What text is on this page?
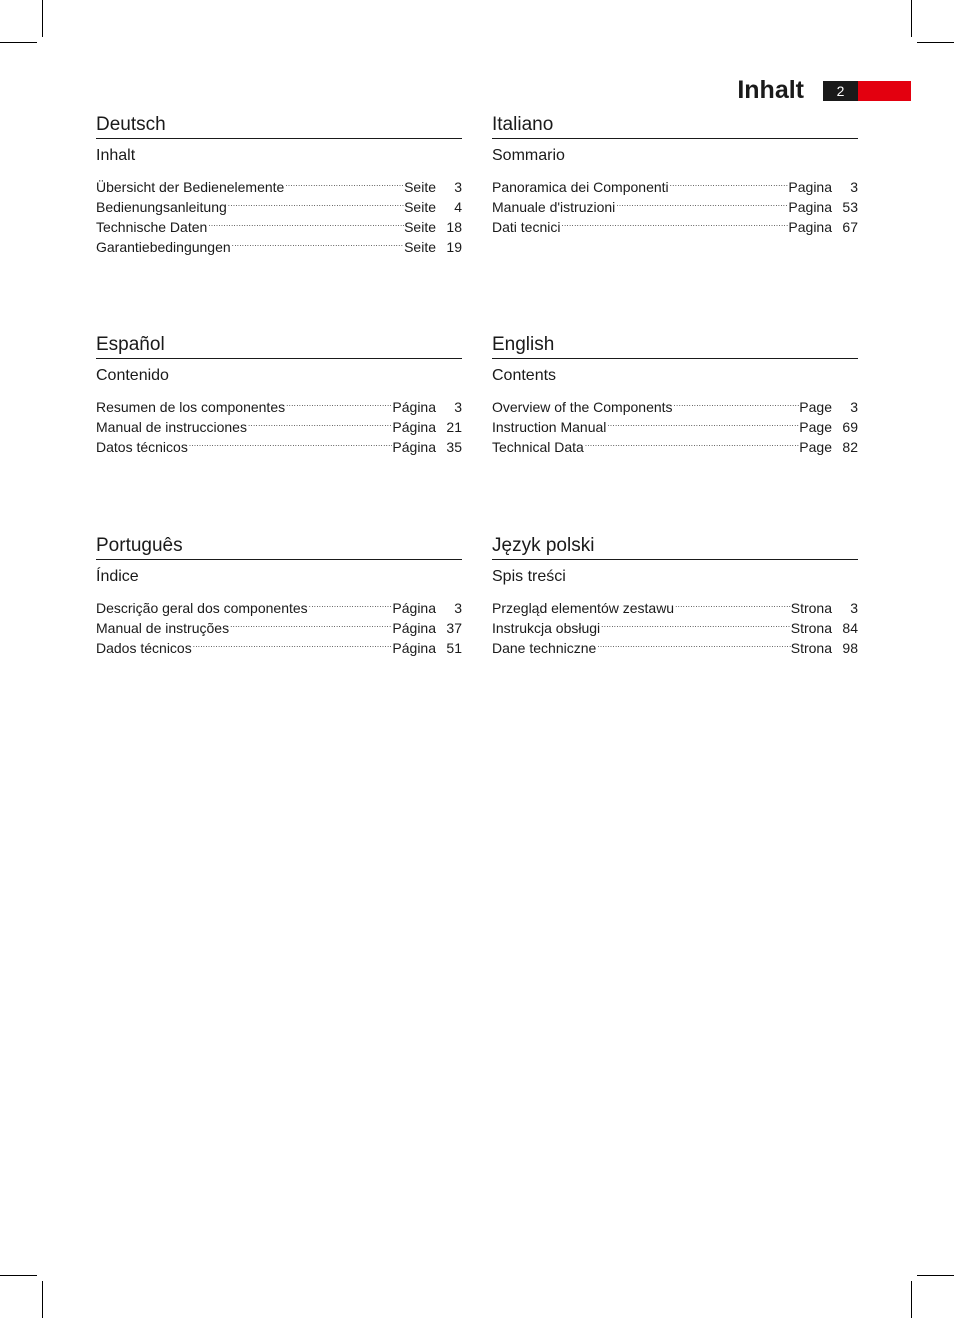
Inhalt	2
Deutsch
Inhalt
Übersicht der Bedienelemente .....	Seite	3
Bedienungsanleitung .....	Seite	4
Technische Daten .....	Seite 18
Garantiebedingungen .....	Seite 19
Italiano
Sommario
Panoramica dei Componenti .....	Pagina	3
Manuale d'istruzioni .....	Pagina 53
Dati tecnici .....	Pagina 67
Español
Contenido
Resumen de los componentes .....	Página	3
Manual de instrucciones .....	Página 21
Datos técnicos .....	Página 35
English
Contents
Overview of the Components .....	Page	3
Instruction Manual .....	Page 69
Technical Data .....	Page 82
Português
Índice
Descrição geral dos componentes .....	Página	3
Manual de instruções .....	Página 37
Dados técnicos .....	Página 51
Język polski
Spis treści
Przegląd elementów zestawu .....	Strona	3
Instrukcja obsługi .....	Strona 84
Dane techniczne .....	Strona 98
